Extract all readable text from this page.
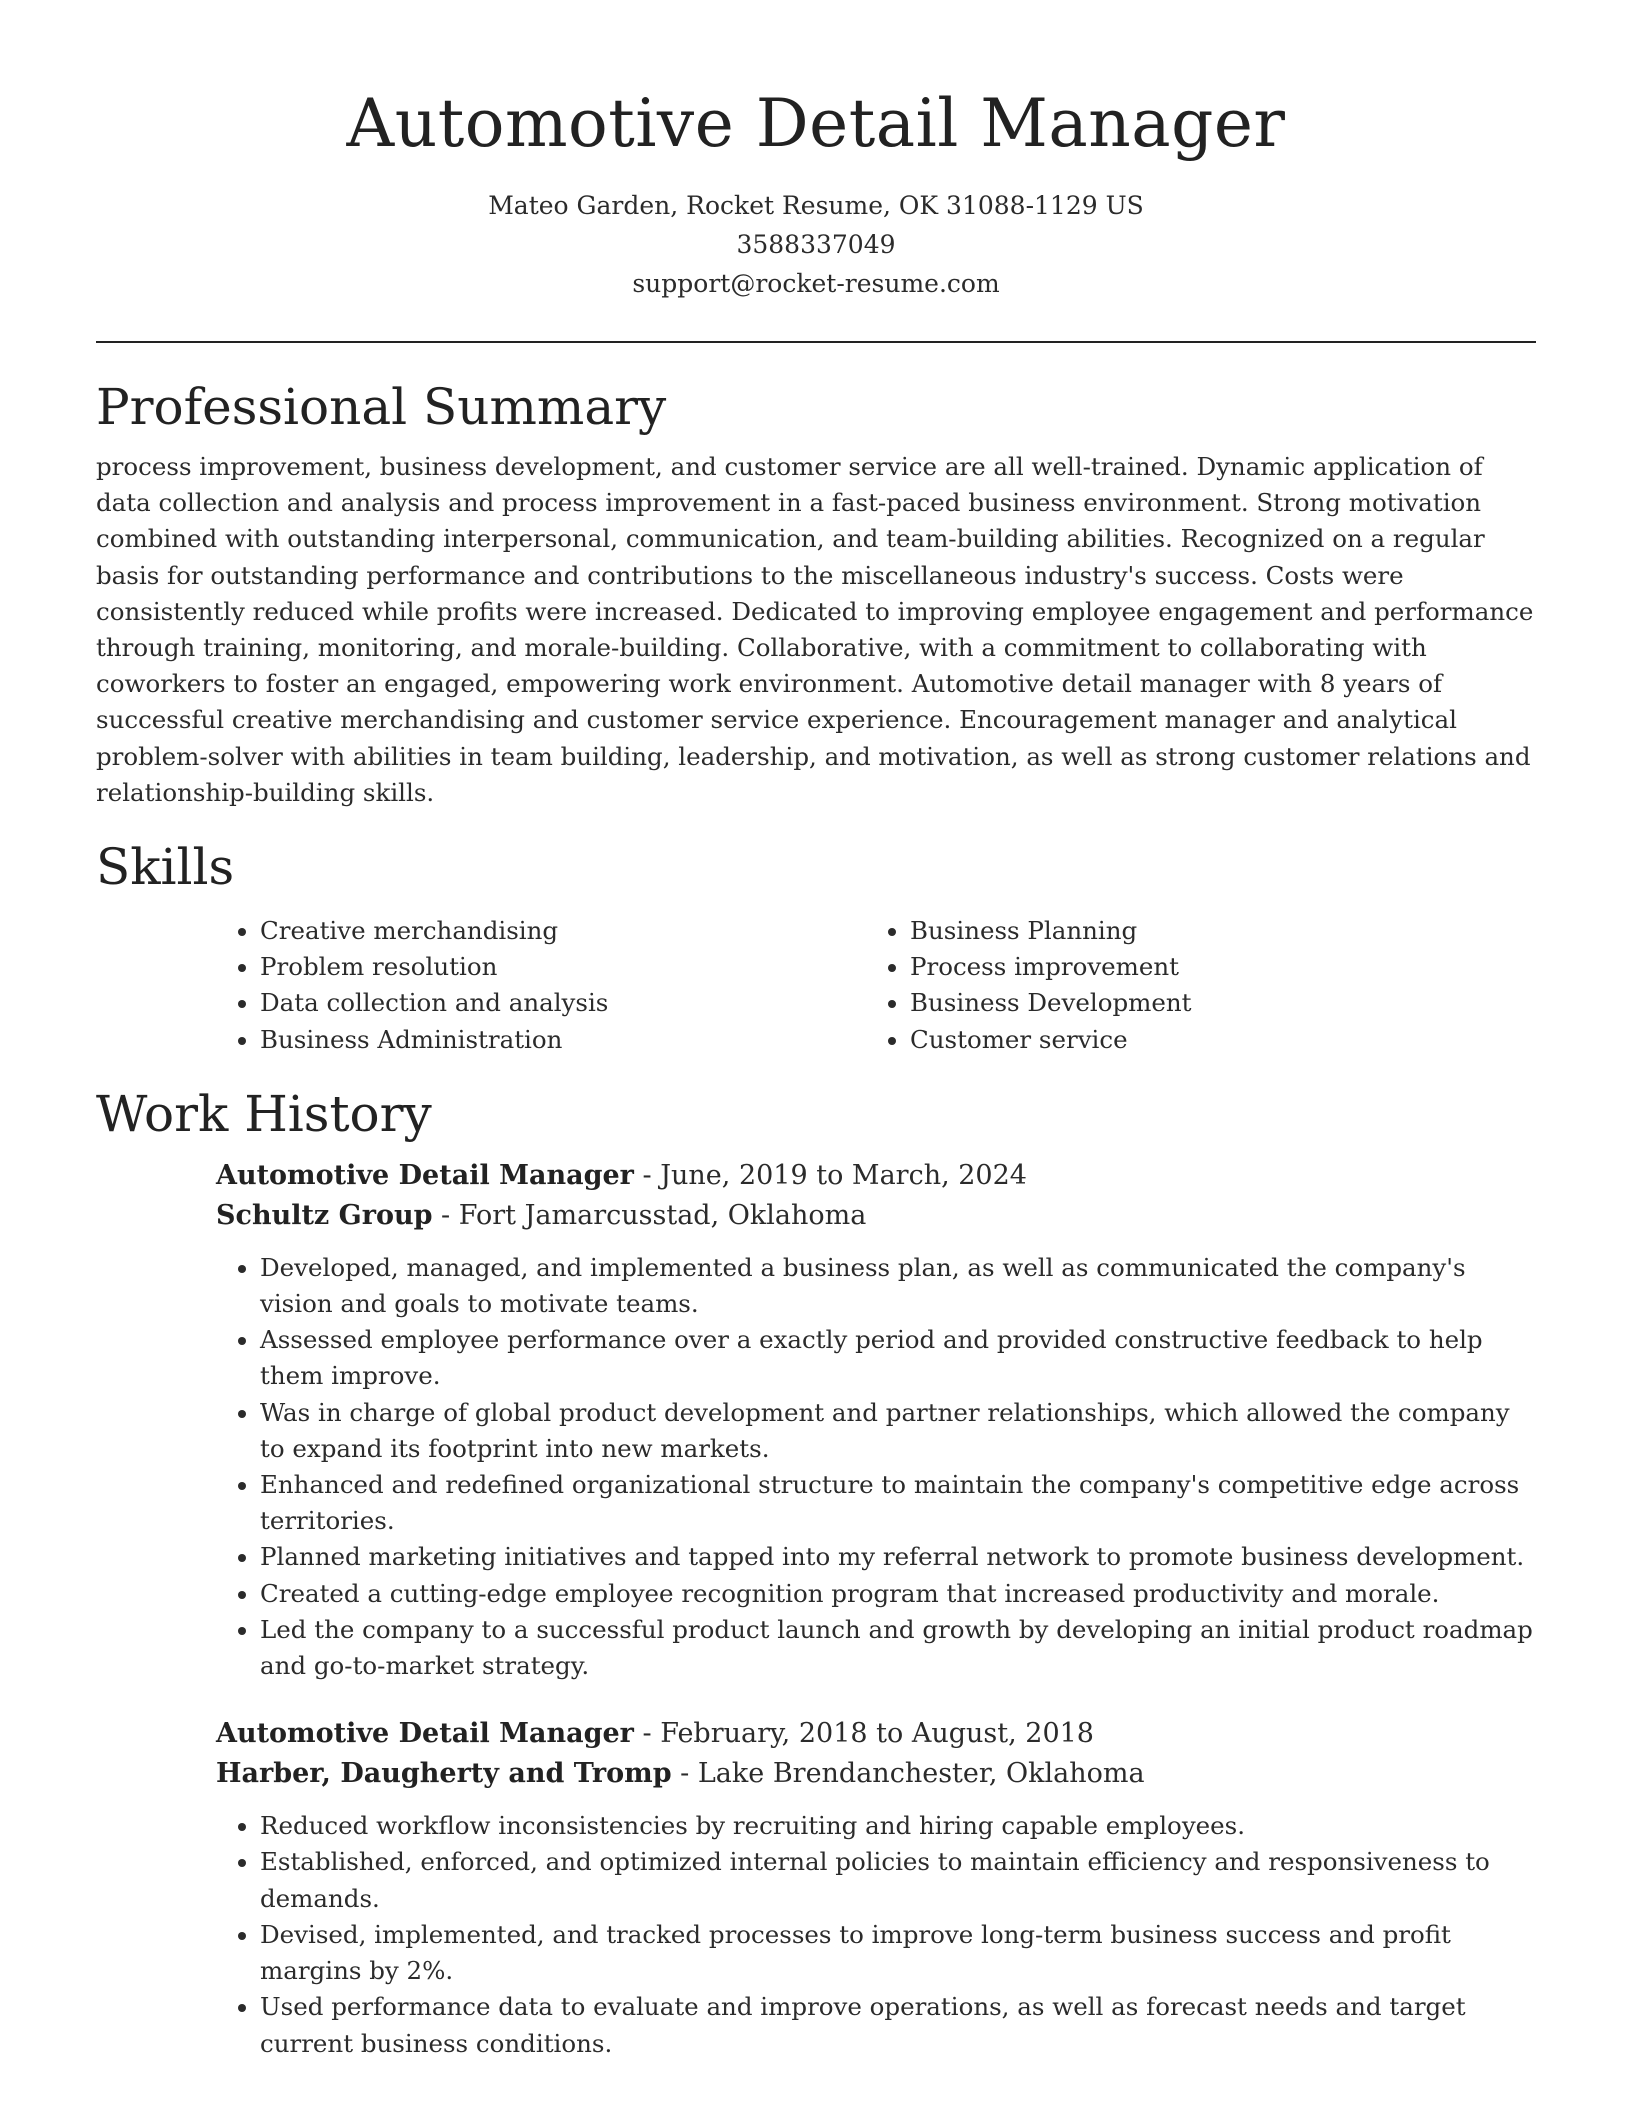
Automotive Detail Manager
Mateo Garden, Rocket Resume, OK 31088-1129 US
3588337049
support@rocket-resume.com
Professional Summary

process improvement, business development, and customer service are all well-trained. Dynamic application of data collection and analysis and process improvement in a fast-paced business environment. Strong motivation combined with outstanding interpersonal, communication, and team-building abilities. Recognized on a regular basis for outstanding performance and contributions to the miscellaneous industry's success. Costs were consistently reduced while profits were increased. Dedicated to improving employee engagement and performance through training, monitoring, and morale-building. Collaborative, with a commitment to collaborating with coworkers to foster an engaged, empowering work environment. Automotive detail manager with 8 years of successful creative merchandising and customer service experience. Encouragement manager and analytical problem-solver with abilities in team building, leadership, and motivation, as well as strong customer relations and relationship-building skills.

Skills
• Creative merchandising
• Problem resolution
• Data collection and analysis
• Business Administration
• Business Planning
• Process improvement
• Business Development
• Customer service
Work History
Automotive Detail Manager - June, 2019 to March, 2024
Schultz Group - Fort Jamarcusstad, Oklahoma
• Developed, managed, and implemented a business plan, as well as communicated the company's vision and goals to motivate teams.
• Assessed employee performance over a exactly period and provided constructive feedback to help them improve.
• Was in charge of global product development and partner relationships, which allowed the company to expand its footprint into new markets.
• Enhanced and redefined organizational structure to maintain the company's competitive edge across territories.
• Planned marketing initiatives and tapped into my referral network to promote business development.
• Created a cutting-edge employee recognition program that increased productivity and morale.
• Led the company to a successful product launch and growth by developing an initial product roadmap and go-to-market strategy.
Automotive Detail Manager - February, 2018 to August, 2018
Harber, Daugherty and Tromp - Lake Brendanchester, Oklahoma
• Reduced workflow inconsistencies by recruiting and hiring capable employees.
• Established, enforced, and optimized internal policies to maintain efficiency and responsiveness to demands.
• Devised, implemented, and tracked processes to improve long-term business success and profit margins by 2%.
• Used performance data to evaluate and improve operations, as well as forecast needs and target current business conditions.
